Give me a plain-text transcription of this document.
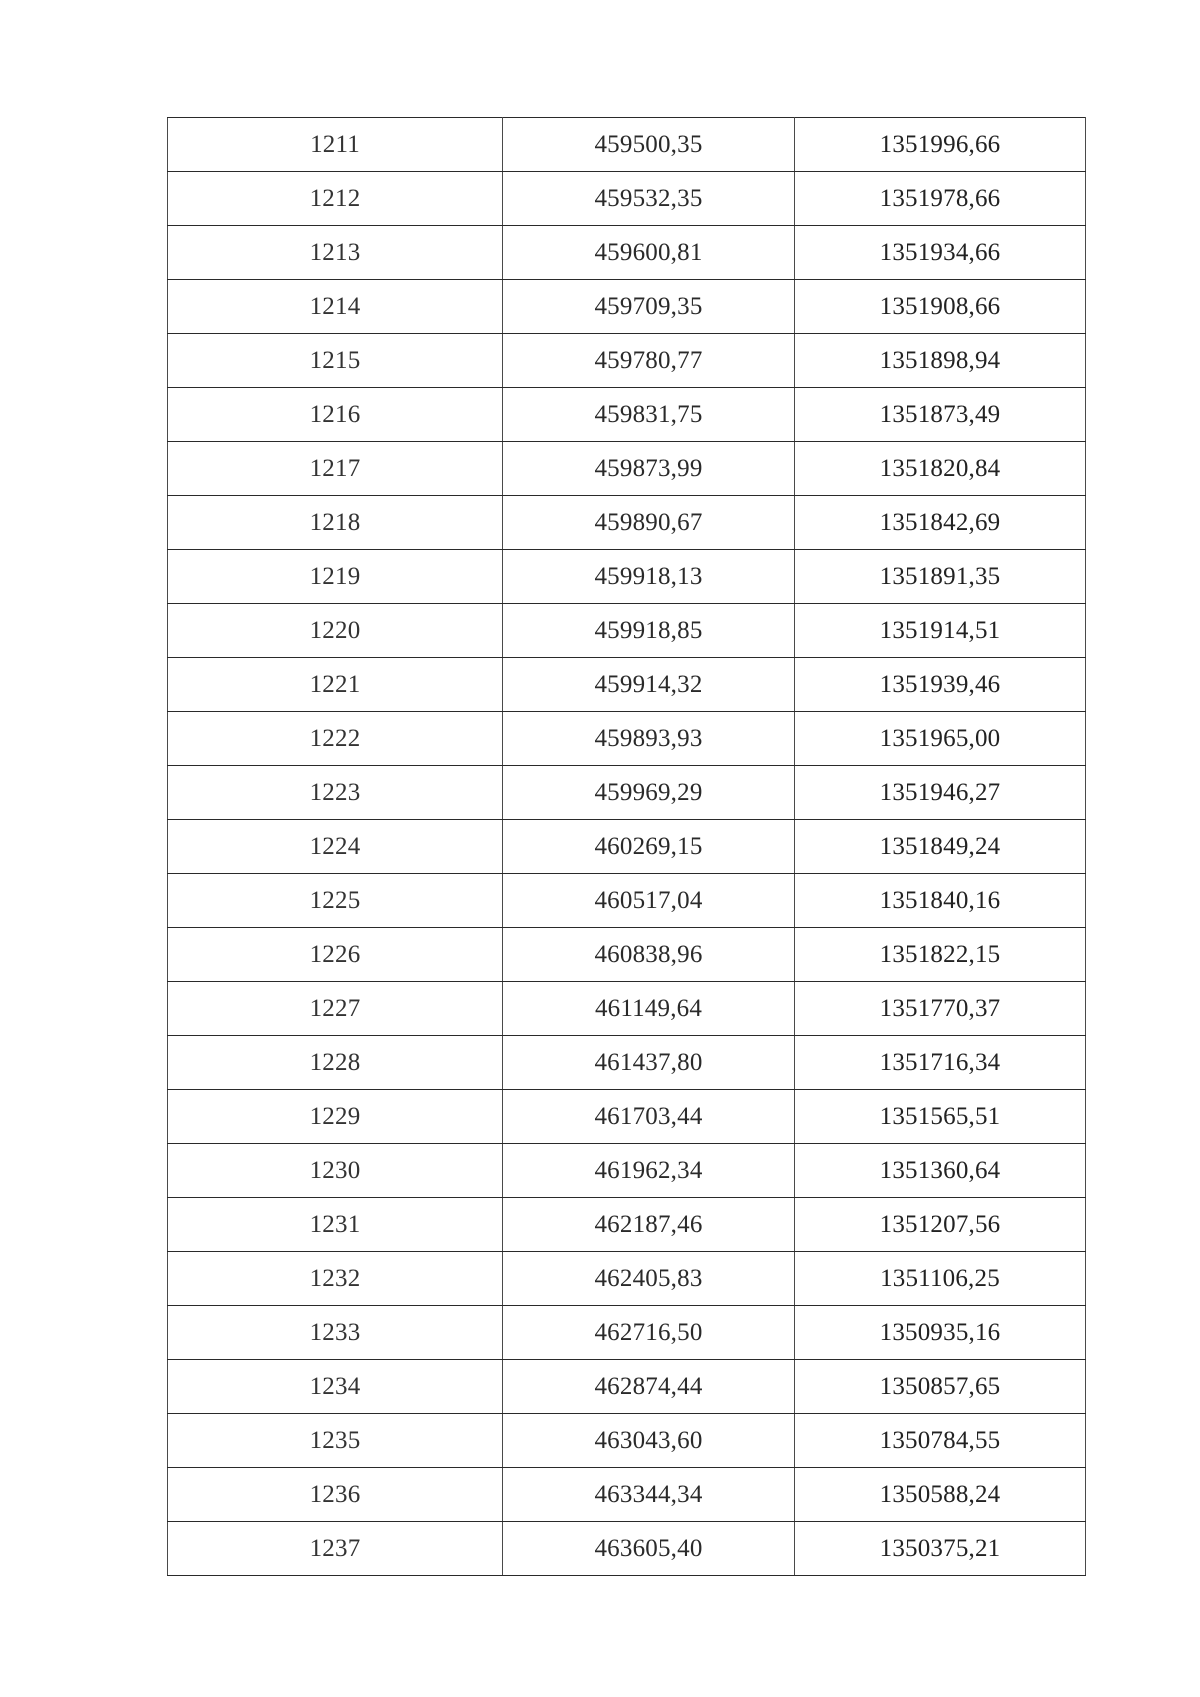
1211	459500,35	1351996,66
1212	459532,35	1351978,66
1213	459600,81	1351934,66
1214	459709,35	1351908,66
1215	459780,77	1351898,94
1216	459831,75	1351873,49
1217	459873,99	1351820,84
1218	459890,67	1351842,69
1219	459918,13	1351891,35
1220	459918,85	1351914,51
1221	459914,32	1351939,46
1222	459893,93	1351965,00
1223	459969,29	1351946,27
1224	460269,15	1351849,24
1225	460517,04	1351840,16
1226	460838,96	1351822,15
1227	461149,64	1351770,37
1228	461437,80	1351716,34
1229	461703,44	1351565,51
1230	461962,34	1351360,64
1231	462187,46	1351207,56
1232	462405,83	1351106,25
1233	462716,50	1350935,16
1234	462874,44	1350857,65
1235	463043,60	1350784,55
1236	463344,34	1350588,24
1237	463605,40	1350375,21
